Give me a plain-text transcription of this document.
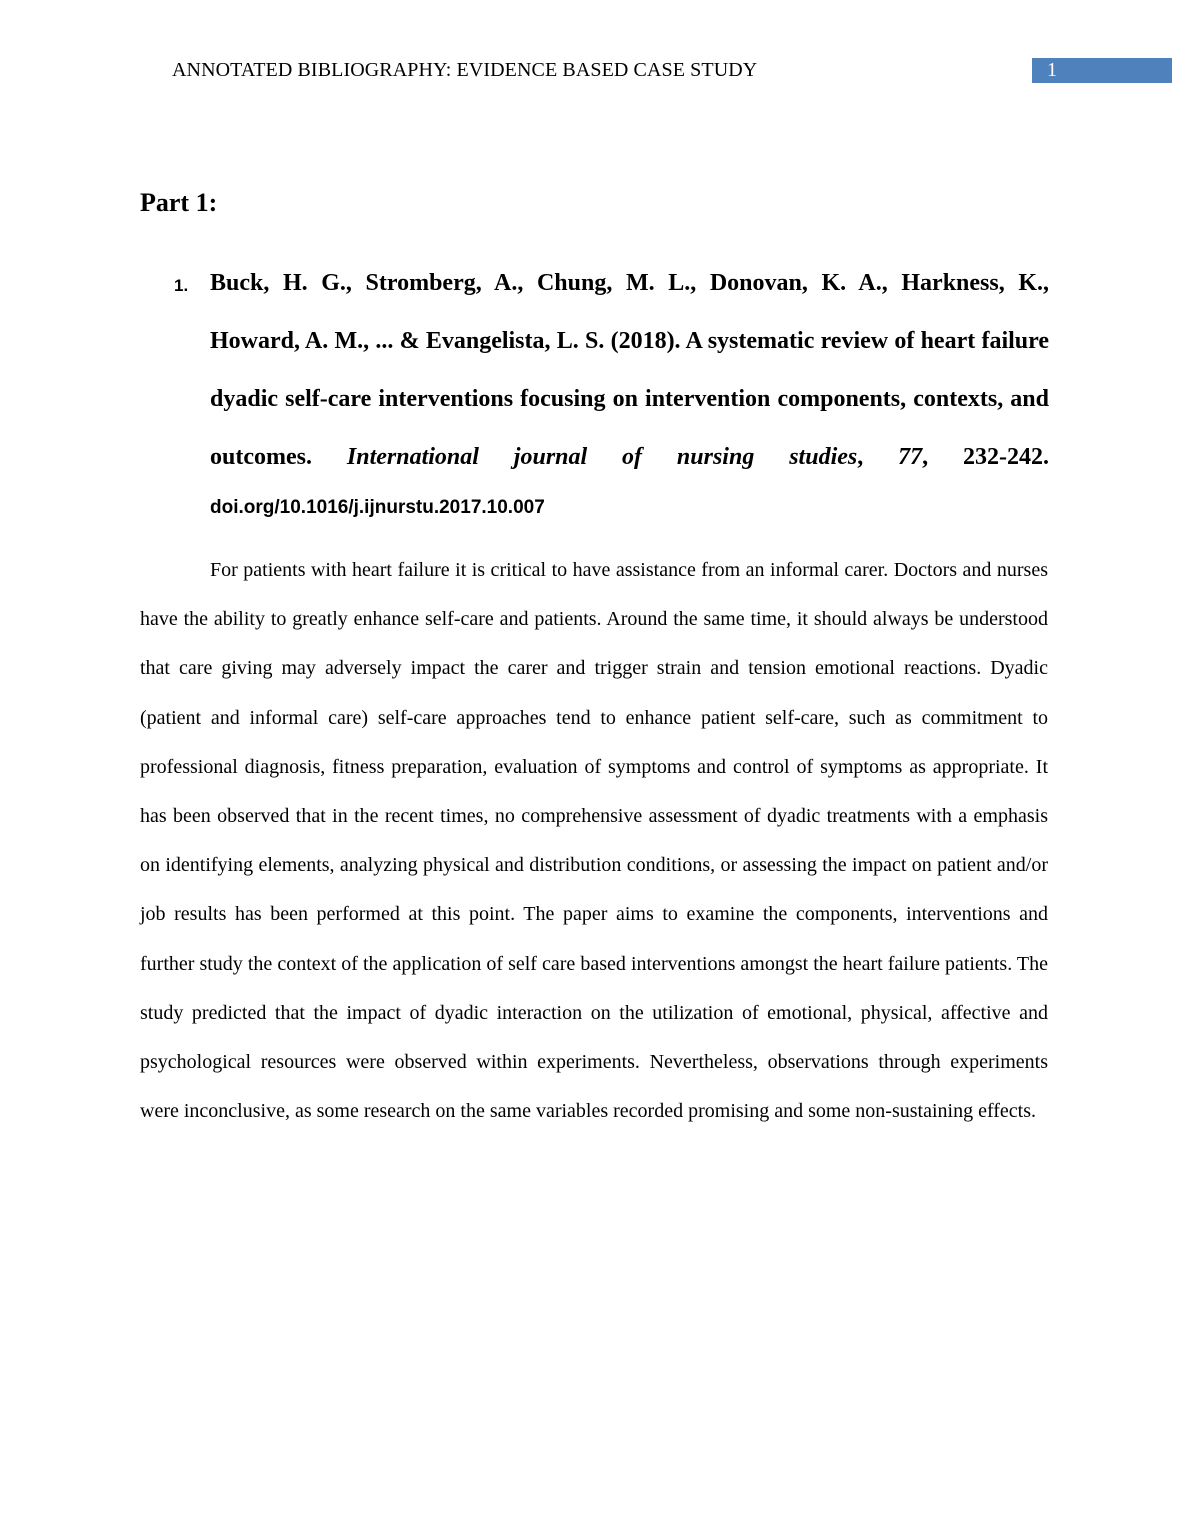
ANNOTATED BIBLIOGRAPHY: EVIDENCE BASED CASE STUDY	1
Part 1:
1. Buck, H. G., Stromberg, A., Chung, M. L., Donovan, K. A., Harkness, K., Howard, A. M., ... & Evangelista, L. S. (2018). A systematic review of heart failure dyadic self-care interventions focusing on intervention components, contexts, and outcomes. International journal of nursing studies, 77, 232-242.

doi.org/10.1016/j.ijnurstu.2017.10.007

For patients with heart failure it is critical to have assistance from an informal carer. Doctors and nurses have the ability to greatly enhance self-care and patients. Around the same time, it should always be understood that care giving may adversely impact the carer and trigger strain and tension emotional reactions. Dyadic (patient and informal care) self-care approaches tend to enhance patient self-care, such as commitment to professional diagnosis, fitness preparation, evaluation of symptoms and control of symptoms as appropriate. It has been observed that in the recent times, no comprehensive assessment of dyadic treatments with a emphasis on identifying elements, analyzing physical and distribution conditions, or assessing the impact on patient and/or job results has been performed at this point. The paper aims to examine the components, interventions and further study the context of the application of self care based interventions amongst the heart failure patients. The study predicted that the impact of dyadic interaction on the utilization of emotional, physical, affective and psychological resources were observed within experiments. Nevertheless, observations through experiments were inconclusive, as some research on the same variables recorded promising and some non-sustaining effects.
